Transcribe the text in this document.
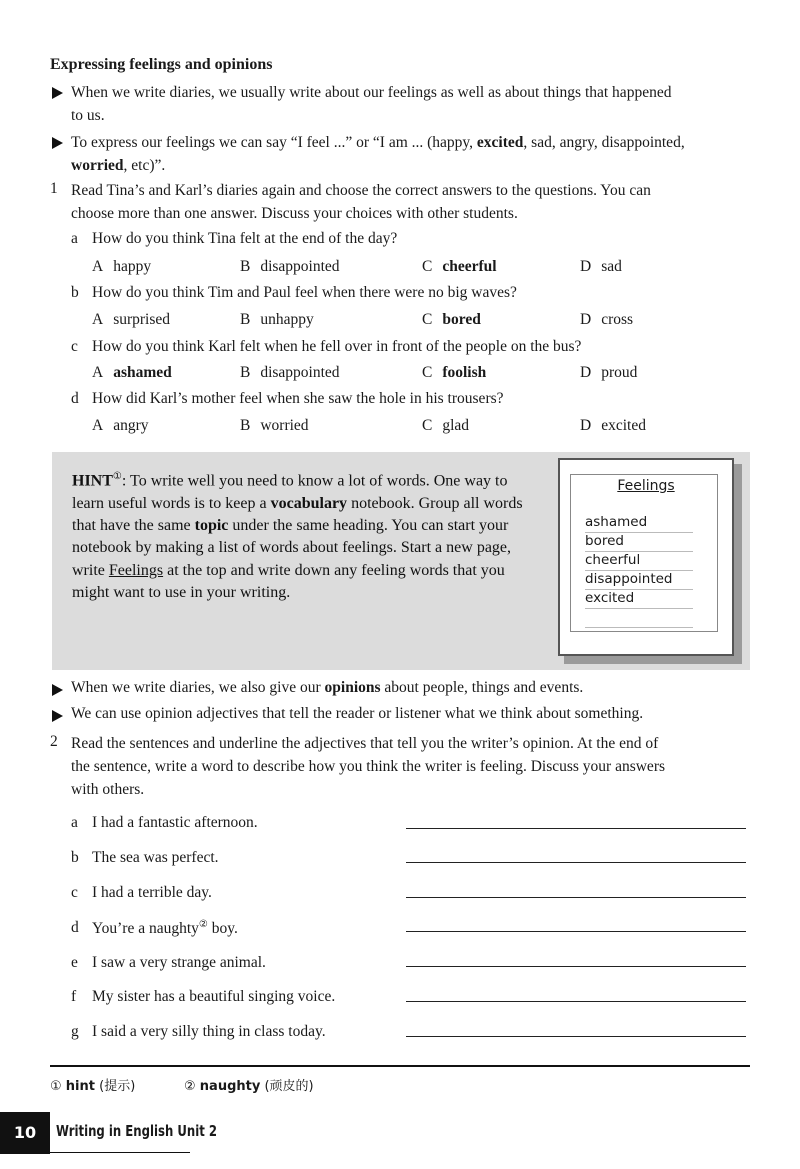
Expressing feelings and opinions
When we write diaries, we usually write about our feelings as well as about things that happened
to us.
To express our feelings we can say “I feel ...” or “I am ... (happy, excited, sad, angry, disappointed,
worried, etc)”.
1 Read Tina’s and Karl’s diaries again and choose the correct answers to the questions. You can
choose more than one answer. Discuss your choices with other students.
a How do you think Tina felt at the end of the day?
A happy	B disappointed	C cheerful	D sad
b How do you think Tim and Paul feel when there were no big waves?
A surprised	B unhappy	C bored	D cross
c How do you think Karl felt when he fell over in front of the people on the bus?
A ashamed	B disappointed	C foolish	D proud
d How did Karl’s mother feel when she saw the hole in his trousers?
A angry	B worried	C glad	D excited
HINT①: To write well you need to know a lot of words. One way to learn useful words is to keep a vocabulary notebook. Group all words that have the same topic under the same heading. You can start your notebook by making a list of words about feelings. Start a new page, write Feelings at the top and write down any feeling words that you might want to use in your writing.
Feelings
ashamed
bored
cheerful
disappointed
excited
When we write diaries, we also give our opinions about people, things and events.
We can use opinion adjectives that tell the reader or listener what we think about something.
2 Read the sentences and underline the adjectives that tell you the writer’s opinion. At the end of
the sentence, write a word to describe how you think the writer is feeling. Discuss your answers
with others.
a I had a fantastic afternoon.
b The sea was perfect.
c I had a terrible day.
d You’re a naughty② boy.
e I saw a very strange animal.
f My sister has a beautiful singing voice.
g I said a very silly thing in class today.
① hint (提示)	② naughty (顽皮的)
10	Writing in English Unit 2
